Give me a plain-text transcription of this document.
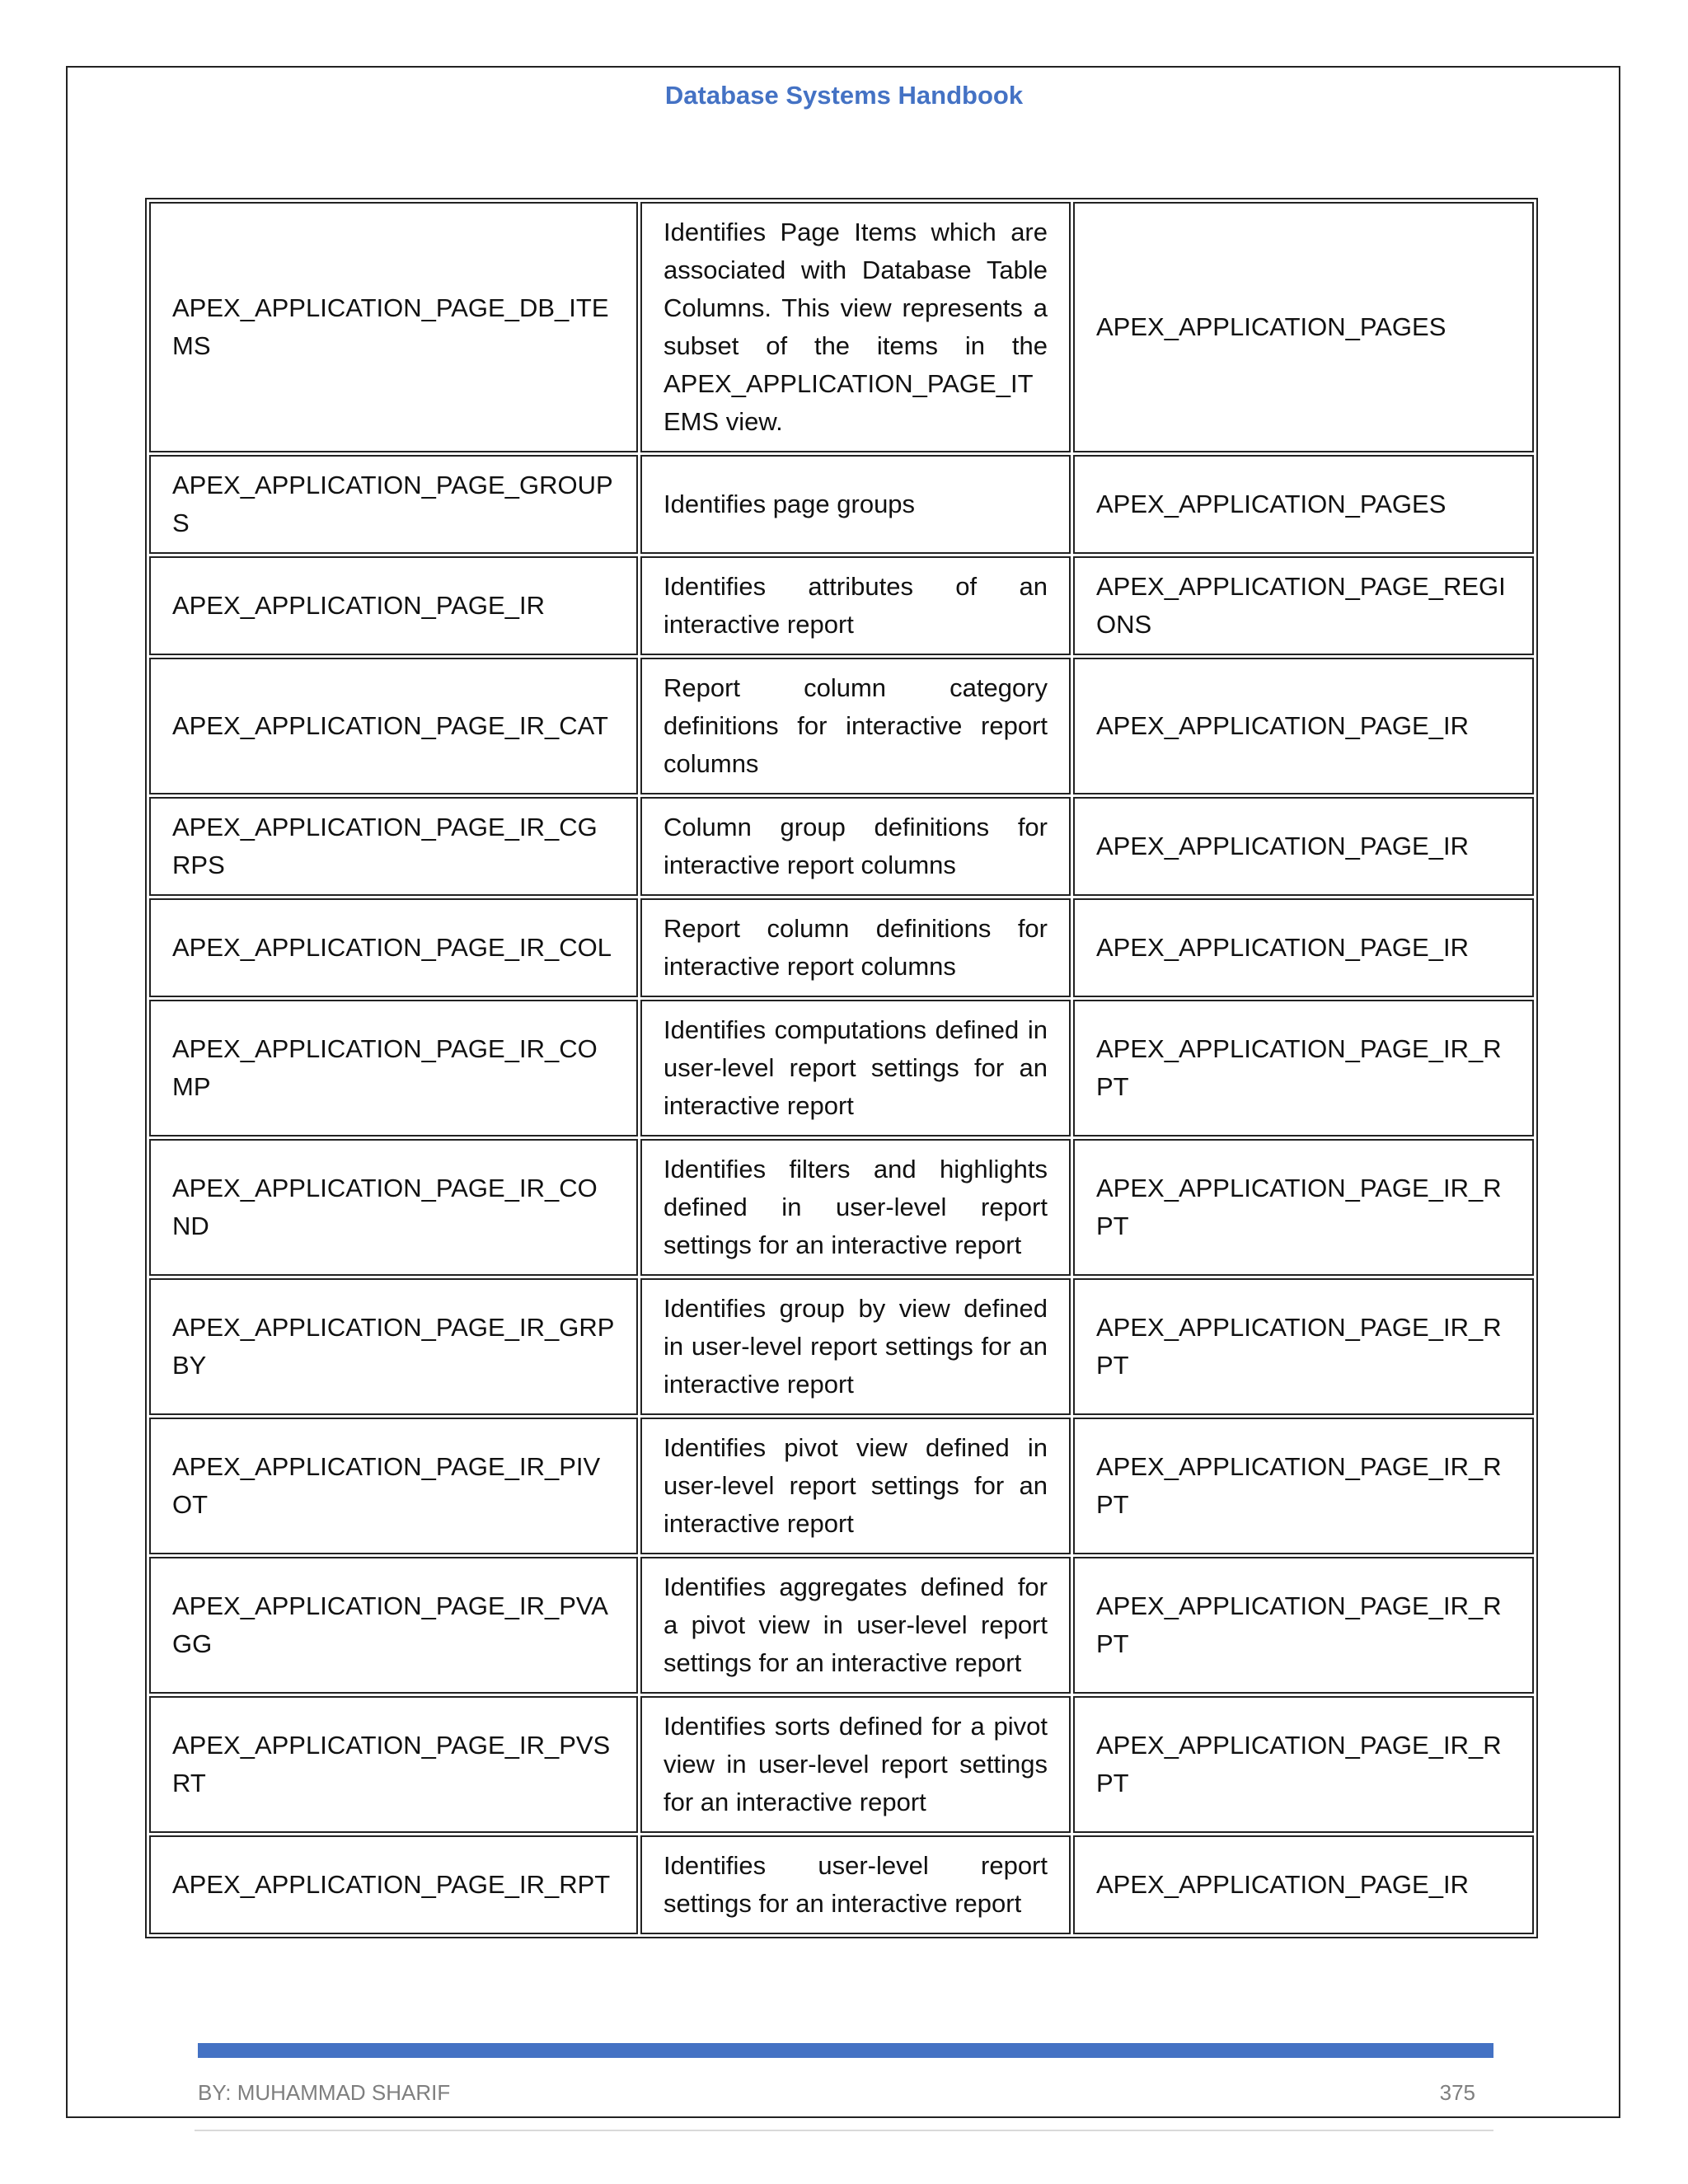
Database Systems Handbook
APEX_APPLICATION_PAGE_DB_ITEMS	Identifies Page Items which are associated with Database Table Columns. This view represents a subset of the items in the APEX_APPLICATION_PAGE_ITEMS view.	APEX_APPLICATION_PAGES
APEX_APPLICATION_PAGE_GROUPS	Identifies page groups	APEX_APPLICATION_PAGES
APEX_APPLICATION_PAGE_IR	Identifies attributes of an interactive report	APEX_APPLICATION_PAGE_REGIONS
APEX_APPLICATION_PAGE_IR_CAT	Report column category definitions for interactive report columns	APEX_APPLICATION_PAGE_IR
APEX_APPLICATION_PAGE_IR_CGRPS	Column group definitions for interactive report columns	APEX_APPLICATION_PAGE_IR
APEX_APPLICATION_PAGE_IR_COL	Report column definitions for interactive report columns	APEX_APPLICATION_PAGE_IR
APEX_APPLICATION_PAGE_IR_COMP	Identifies computations defined in user-level report settings for an interactive report	APEX_APPLICATION_PAGE_IR_RPT
APEX_APPLICATION_PAGE_IR_COND	Identifies filters and highlights defined in user-level report settings for an interactive report	APEX_APPLICATION_PAGE_IR_RPT
APEX_APPLICATION_PAGE_IR_GRPBY	Identifies group by view defined in user-level report settings for an interactive report	APEX_APPLICATION_PAGE_IR_RPT
APEX_APPLICATION_PAGE_IR_PIVOT	Identifies pivot view defined in user-level report settings for an interactive report	APEX_APPLICATION_PAGE_IR_RPT
APEX_APPLICATION_PAGE_IR_PVAGG	Identifies aggregates defined for a pivot view in user-level report settings for an interactive report	APEX_APPLICATION_PAGE_IR_RPT
APEX_APPLICATION_PAGE_IR_PVSRT	Identifies sorts defined for a pivot view in user-level report settings for an interactive report	APEX_APPLICATION_PAGE_IR_RPT
APEX_APPLICATION_PAGE_IR_RPT	Identifies user-level report settings for an interactive report	APEX_APPLICATION_PAGE_IR
BY: MUHAMMAD SHARIF	375
